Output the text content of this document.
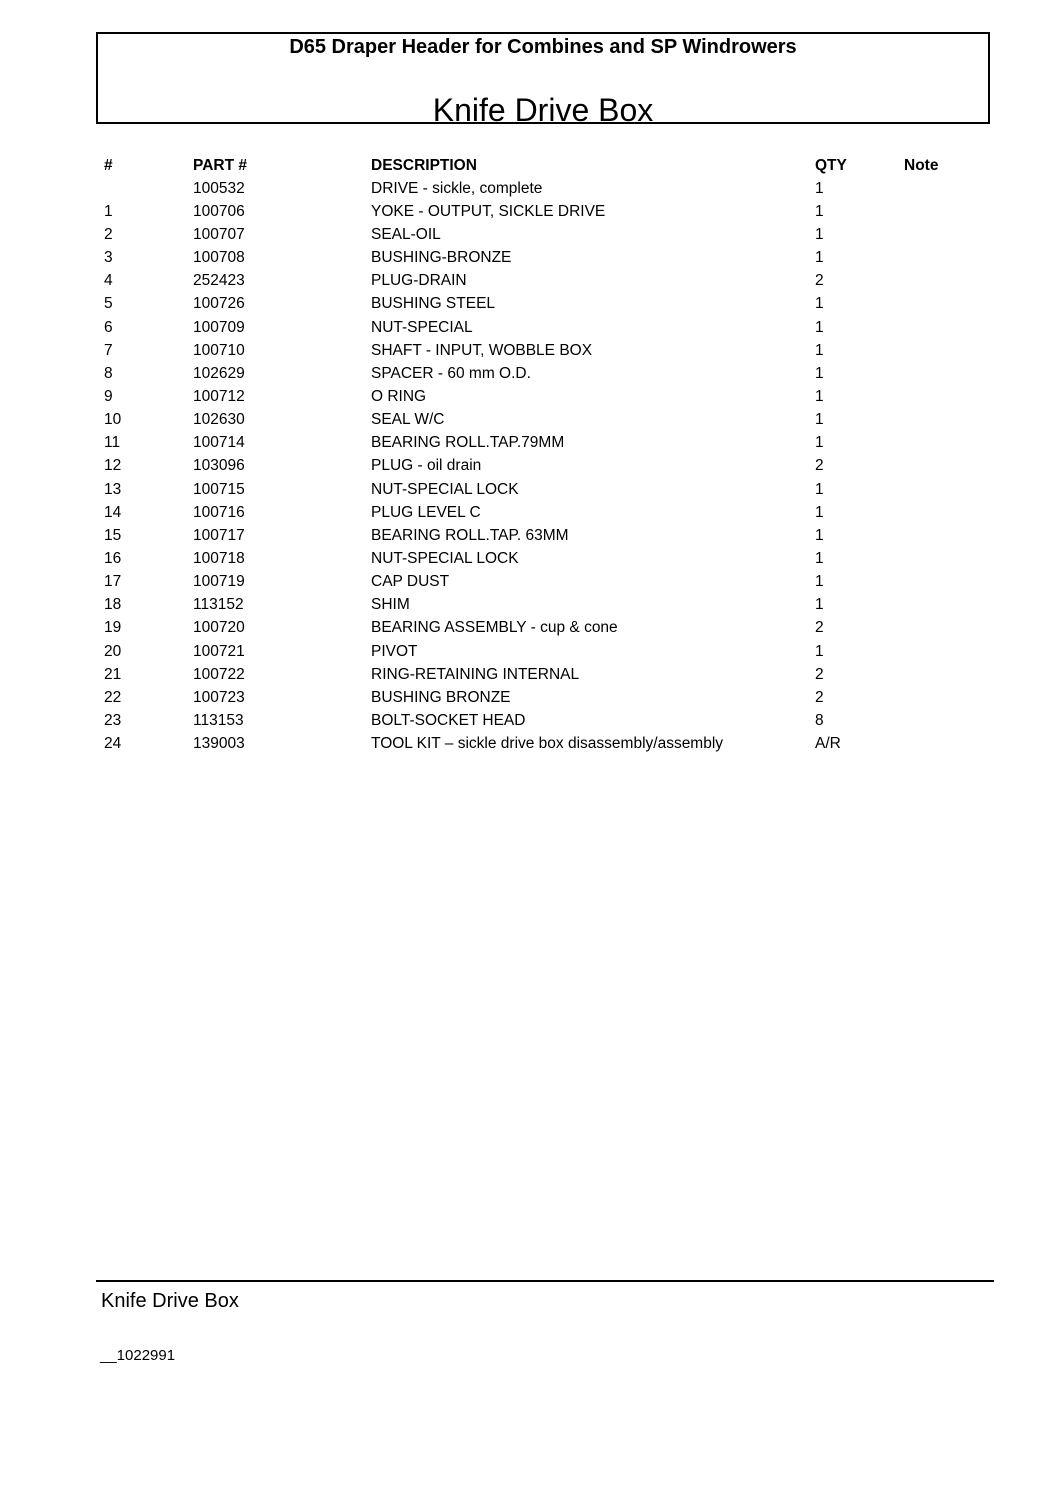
D65 Draper Header for Combines and SP Windrowers
Knife Drive Box
#	PART #	DESCRIPTION	QTY	Note
	100532	DRIVE - sickle, complete	1	
1	100706	YOKE - OUTPUT, SICKLE DRIVE	1	
2	100707	SEAL-OIL	1	
3	100708	BUSHING-BRONZE	1	
4	252423	PLUG-DRAIN	2	
5	100726	BUSHING STEEL	1	
6	100709	NUT-SPECIAL	1	
7	100710	SHAFT - INPUT, WOBBLE BOX	1	
8	102629	SPACER - 60 mm O.D.	1	
9	100712	O RING	1	
10	102630	SEAL W/C	1	
11	100714	BEARING ROLL.TAP.79MM	1	
12	103096	PLUG - oil drain	2	
13	100715	NUT-SPECIAL LOCK	1	
14	100716	PLUG LEVEL C	1	
15	100717	BEARING ROLL.TAP. 63MM	1	
16	100718	NUT-SPECIAL LOCK	1	
17	100719	CAP DUST	1	
18	113152	SHIM	1	
19	100720	BEARING ASSEMBLY - cup & cone	2	
20	100721	PIVOT	1	
21	100722	RING-RETAINING INTERNAL	2	
22	100723	BUSHING BRONZE	2	
23	113153	BOLT-SOCKET HEAD	8	
24	139003	TOOL KIT – sickle drive box disassembly/assembly	A/R	
Knife Drive Box
__1022991
